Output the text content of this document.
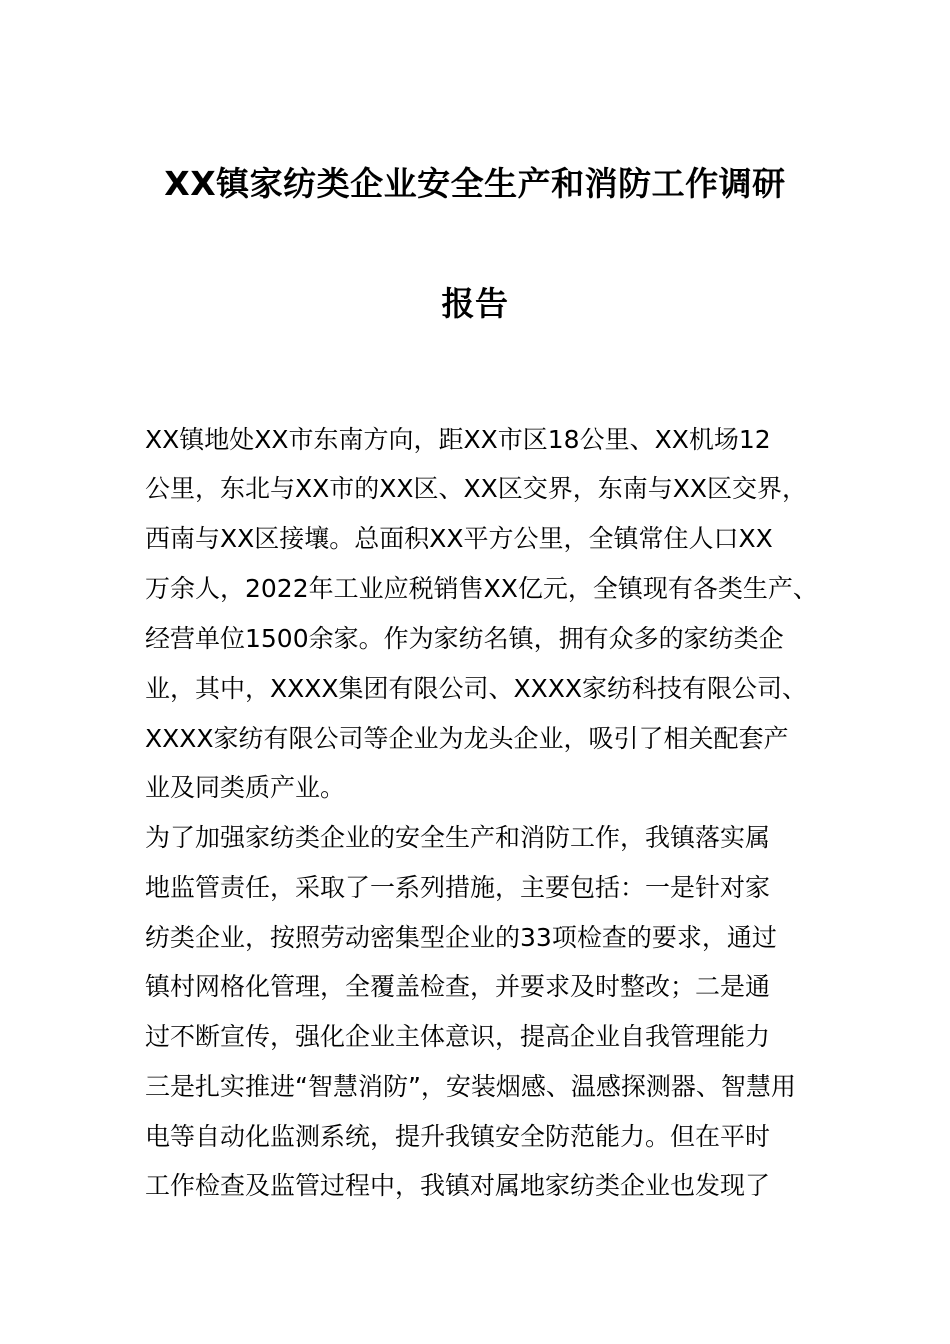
XX镇家纺类企业安全生产和消防工作调研
报告
XX镇地处XX市东南方向，距XX市区18公里、XX机场12
公里，东北与XX市的XX区、XX区交界，东南与XX区交界，
西南与XX区接壤。总面积XX平方公里，全镇常住人口XX
万余人，2022年工业应税销售XX亿元，全镇现有各类生产、
经营单位1500余家。作为家纺名镇，拥有众多的家纺类企
业，其中，XXXX集团有限公司、XXXX家纺科技有限公司、
XXXX家纺有限公司等企业为龙头企业，吸引了相关配套产
业及同类质产业。
为了加强家纺类企业的安全生产和消防工作，我镇落实属
地监管责任，采取了一系列措施，主要包括：一是针对家
纺类企业，按照劳动密集型企业的33项检查的要求，通过
镇村网格化管理，全覆盖检查，并要求及时整改；二是通
过不断宣传，强化企业主体意识，提高企业自我管理能力
三是扎实推进“智慧消防”，安装烟感、温感探测器、智慧用
电等自动化监测系统，提升我镇安全防范能力。但在平时
工作检查及监管过程中，我镇对属地家纺类企业也发现了
